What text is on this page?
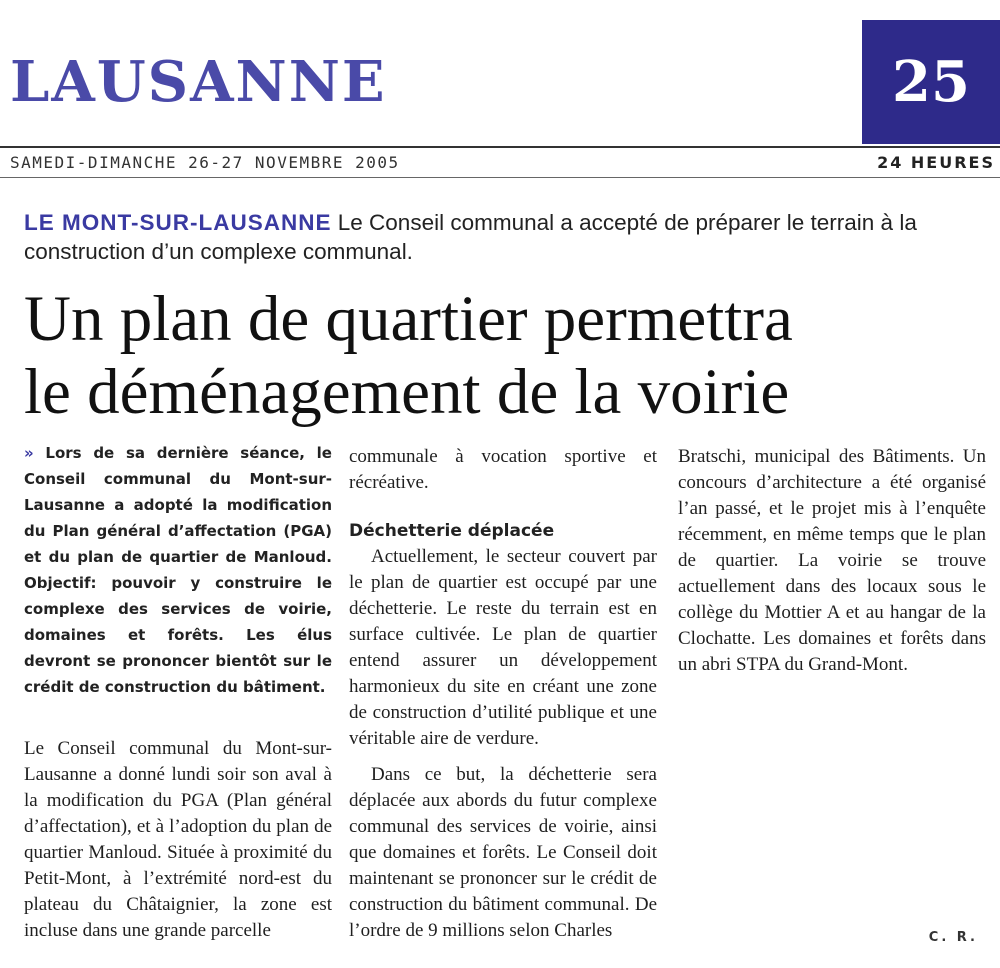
LAUSANNE	25
SAMEDI-DIMANCHE 26-27 NOVEMBRE 2005	24 HEURES

LE MONT-SUR-LAUSANNE Le Conseil communal a accepté de préparer le terrain à la construction d’un complexe communal.

Un plan de quartier permettra
le déménagement de la voirie

» Lors de sa dernière séance, le Conseil communal du Mont-sur-Lausanne a adopté la modification du Plan général d’affectation (PGA) et du plan de quartier de Manloud. Objectif: pouvoir y construire le complexe des services de voirie, domaines et forêts. Les élus devront se prononcer bientôt sur le crédit de construction du bâtiment.

Le Conseil communal du Mont-sur-Lausanne a donné lundi soir son aval à la modification du PGA (Plan général d’affectation), et à l’adoption du plan de quartier Manloud. Située à proximité du Petit-Mont, à l’extrémité nord-est du plateau du Châtaignier, la zone est incluse dans une grande parcelle

communale à vocation sportive et récréative.

Déchetterie déplacée

Actuellement, le secteur couvert par le plan de quartier est occupé par une déchetterie. Le reste du terrain est en surface cultivée. Le plan de quartier entend assurer un développement harmonieux du site en créant une zone de construction d’utilité publique et une véritable aire de verdure.

Dans ce but, la déchetterie sera déplacée aux abords du futur complexe communal des services de voirie, ainsi que domaines et forêts. Le Conseil doit maintenant se prononcer sur le crédit de construction du bâtiment communal. De l’ordre de 9 millions selon Charles

Bratschi, municipal des Bâtiments. Un concours d’architecture a été organisé l’an passé, et le projet mis à l’enquête récemment, en même temps que le plan de quartier. La voirie se trouve actuellement dans des locaux sous le collège du Mottier A et au hangar de la Clochatte. Les domaines et forêts dans un abri STPA du Grand-Mont.

C. R.
